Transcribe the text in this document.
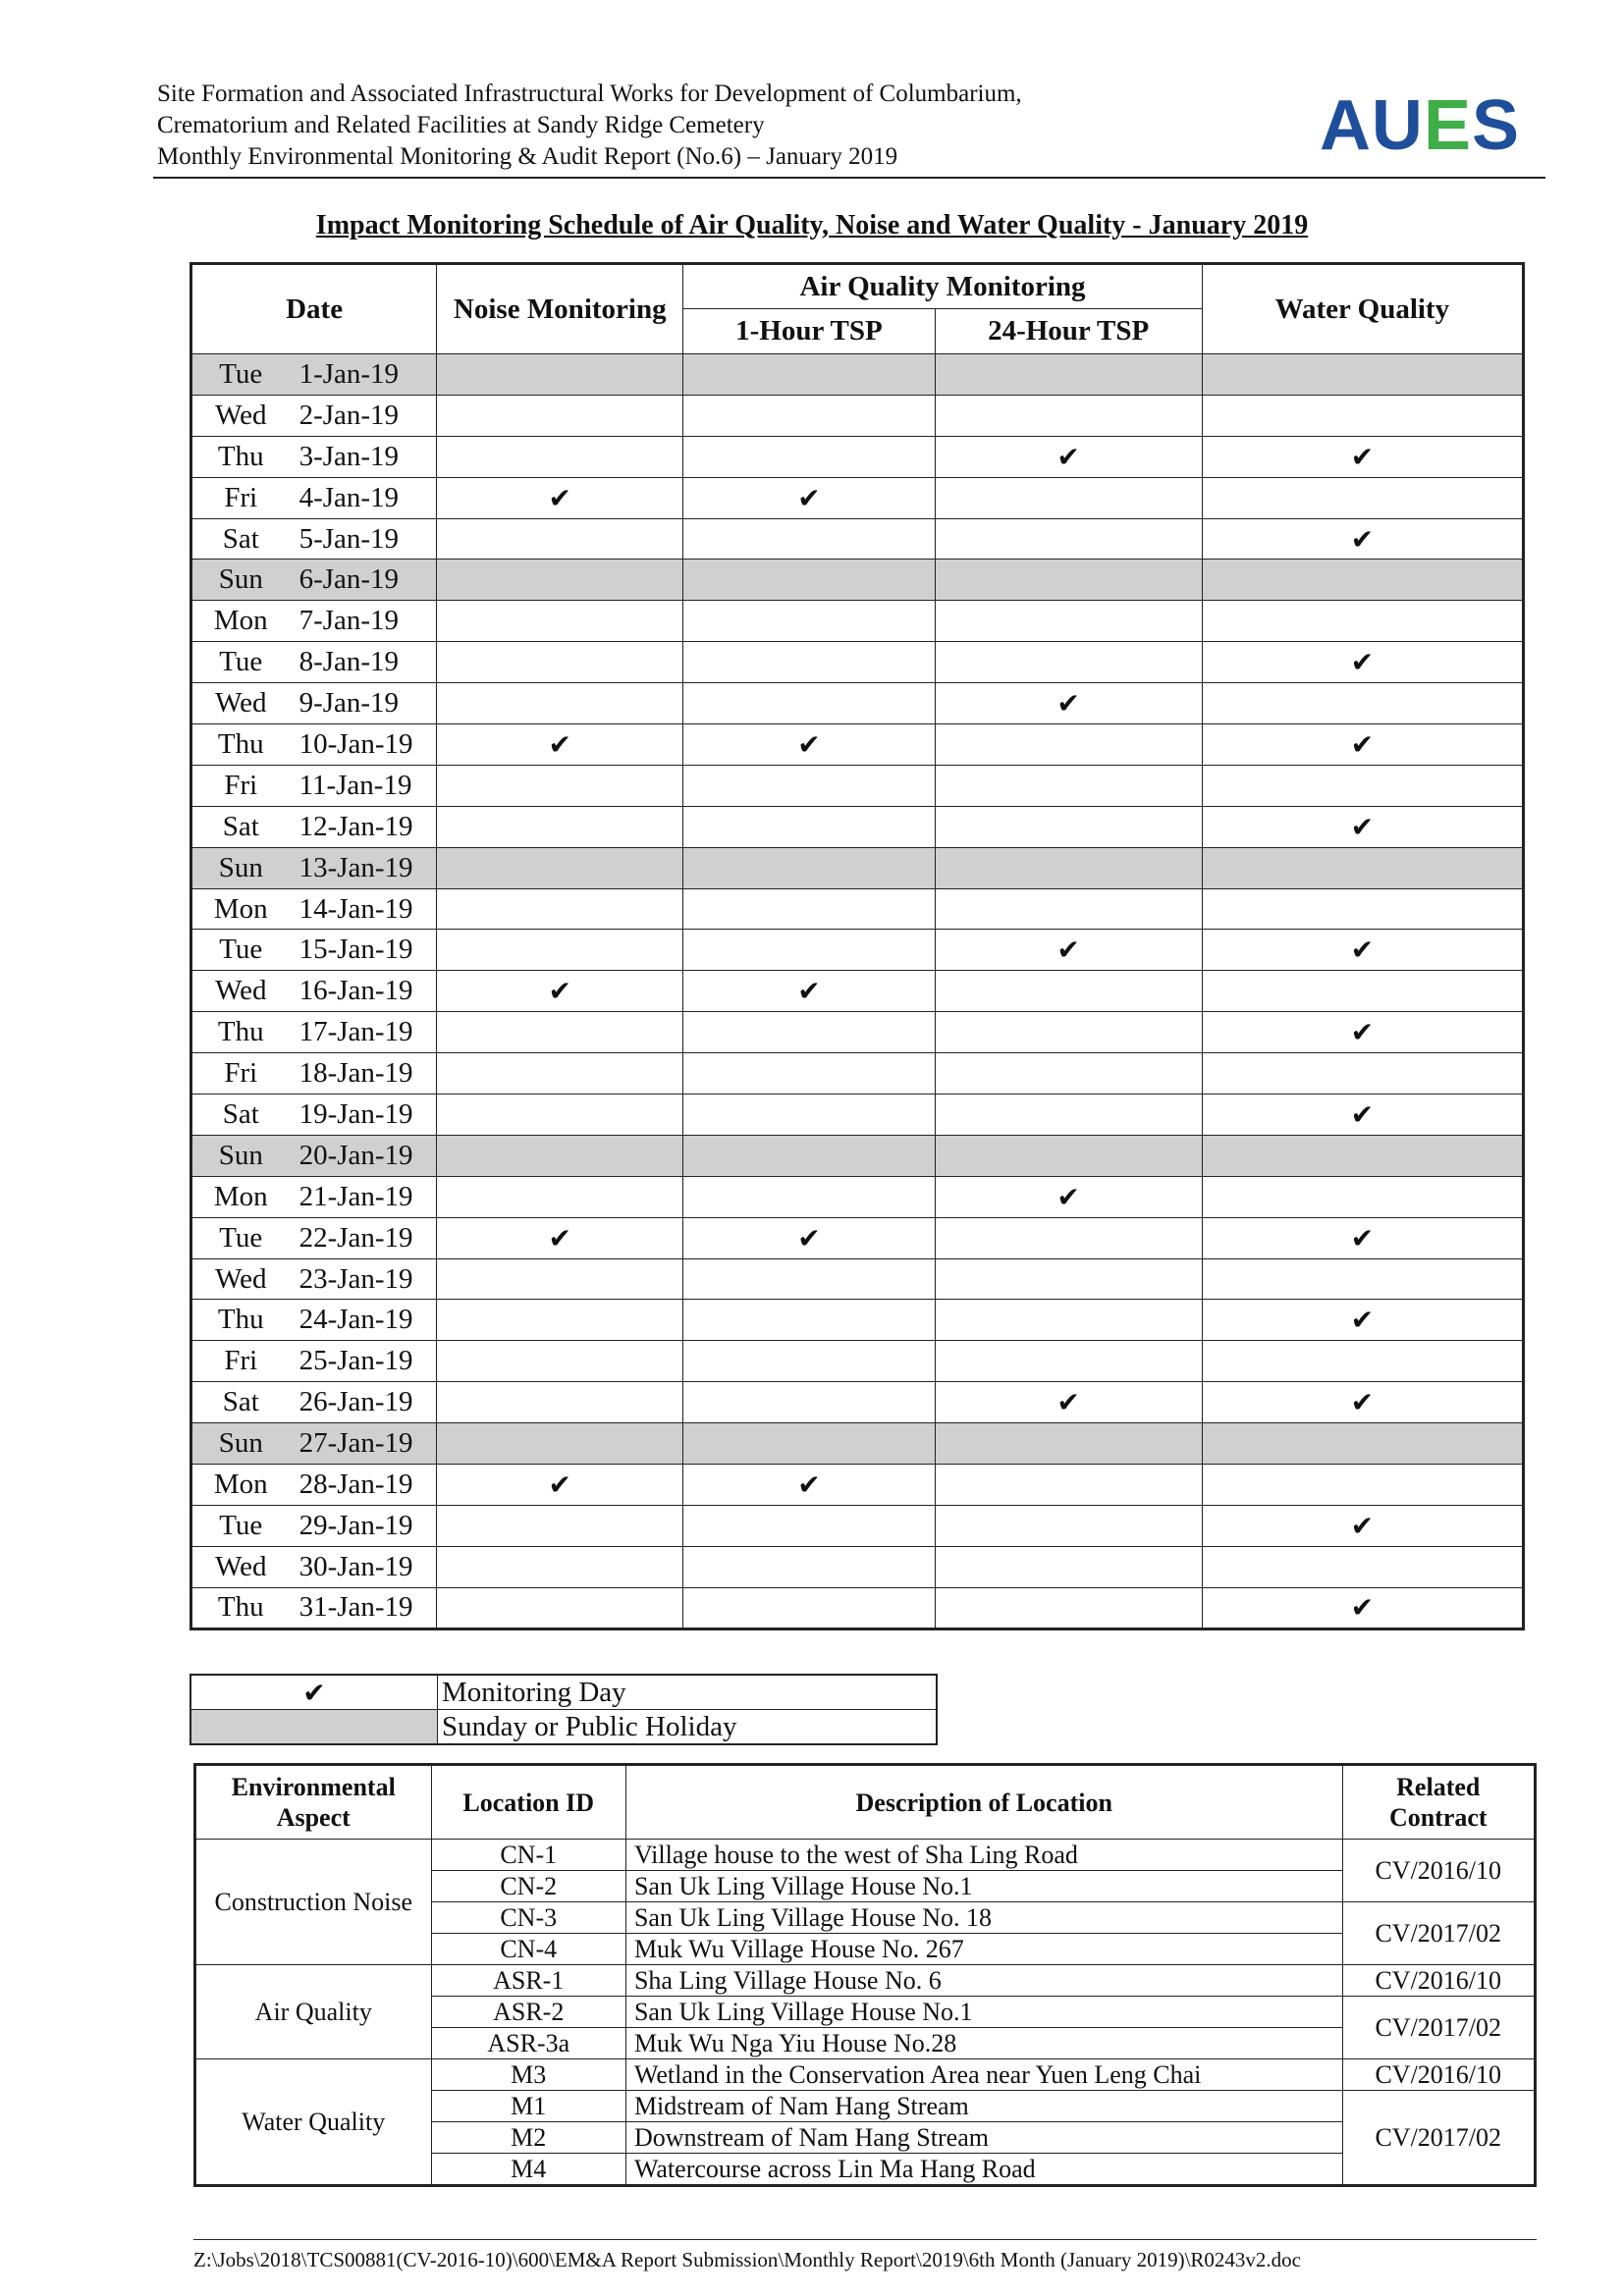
Site Formation and Associated Infrastructural Works for Development of Columbarium,
Crematorium and Related Facilities at Sandy Ridge Cemetery
Monthly Environmental Monitoring & Audit Report (No.6) – January 2019	AUES
Impact Monitoring Schedule of Air Quality, Noise and Water Quality - January 2019
Date		Noise Monitoring	Air Quality Monitoring		Water Quality
			1-Hour TSP	24-Hour TSP	
Tue	1-Jan-19				
Wed	2-Jan-19				
Thu	3-Jan-19			✔	✔
Fri	4-Jan-19	✔	✔		
Sat	5-Jan-19				✔
Sun	6-Jan-19				
Mon	7-Jan-19				
Tue	8-Jan-19				✔
Wed	9-Jan-19			✔	
Thu	10-Jan-19	✔	✔		✔
Fri	11-Jan-19				
Sat	12-Jan-19				✔
Sun	13-Jan-19				
Mon	14-Jan-19				
Tue	15-Jan-19			✔	✔
Wed	16-Jan-19	✔	✔		
Thu	17-Jan-19				✔
Fri	18-Jan-19				
Sat	19-Jan-19				✔
Sun	20-Jan-19				
Mon	21-Jan-19			✔	
Tue	22-Jan-19	✔	✔		✔
Wed	23-Jan-19				
Thu	24-Jan-19				✔
Fri	25-Jan-19				
Sat	26-Jan-19			✔	✔
Sun	27-Jan-19				
Mon	28-Jan-19	✔	✔		
Tue	29-Jan-19				✔
Wed	30-Jan-19				
Thu	31-Jan-19				✔
✔	Monitoring Day
	Sunday or Public Holiday
Environmental Aspect	Location ID	Description of Location	Related Contract
Construction Noise	CN-1	Village house to the west of Sha Ling Road	CV/2016/10
	CN-2	San Uk Ling Village House No.1	
	CN-3	San Uk Ling Village House No. 18	CV/2017/02
	CN-4	Muk Wu Village House No. 267	
Air Quality	ASR-1	Sha Ling Village House No. 6	CV/2016/10
	ASR-2	San Uk Ling Village House No.1	CV/2017/02
	ASR-3a	Muk Wu Nga Yiu House No.28	
Water Quality	M3	Wetland in the Conservation Area near Yuen Leng Chai	CV/2016/10
	M1	Midstream of Nam Hang Stream	CV/2017/02
	M2	Downstream of Nam Hang Stream	
	M4	Watercourse across Lin Ma Hang Road	
Z:\Jobs\2018\TCS00881(CV-2016-10)\600\EM&A Report Submission\Monthly Report\2019\6th Month (January 2019)\R0243v2.doc
